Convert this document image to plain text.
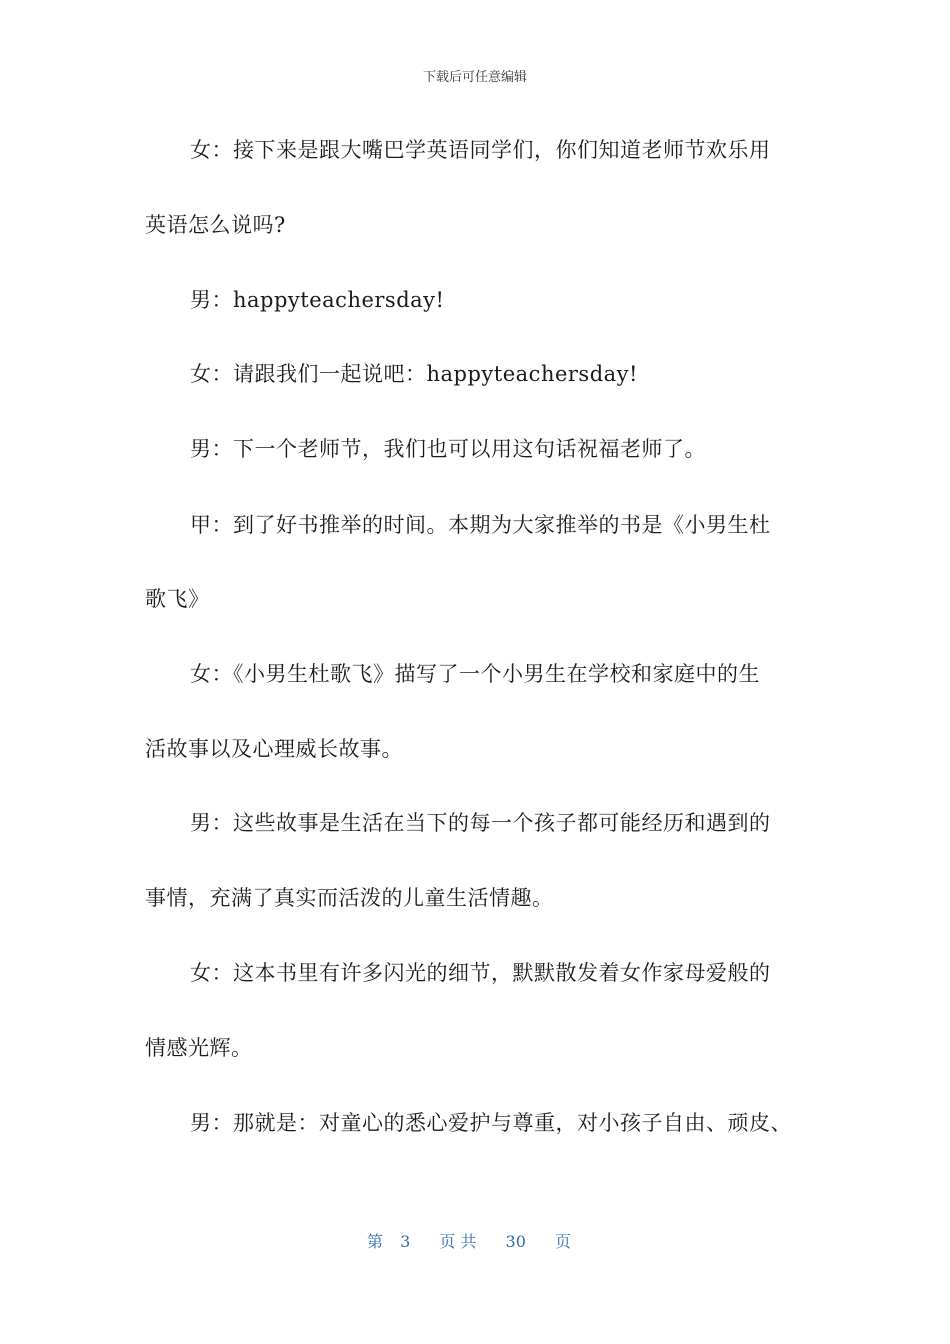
下载后可任意编辑
女：接下来是跟大嘴巴学英语同学们，你们知道老师节欢乐用
英语怎么说吗?
男：happyteachersday!
女：请跟我们一起说吧：happyteachersday!
男：下一个老师节，我们也可以用这句话祝福老师了。
甲：到了好书推举的时间。本期为大家推举的书是《小男生杜
歌飞》
女：《小男生杜歌飞》描写了一个小男生在学校和家庭中的生
活故事以及心理威长故事。
男：这些故事是生活在当下的每一个孩子都可能经历和遇到的
事情，充满了真实而活泼的儿童生活情趣。
女：这本书里有许多闪光的细节，默默散发着女作家母爱般的
情感光辉。
男：那就是：对童心的悉心爱护与尊重，对小孩子自由、顽皮、
第 3 页 共 30 页
